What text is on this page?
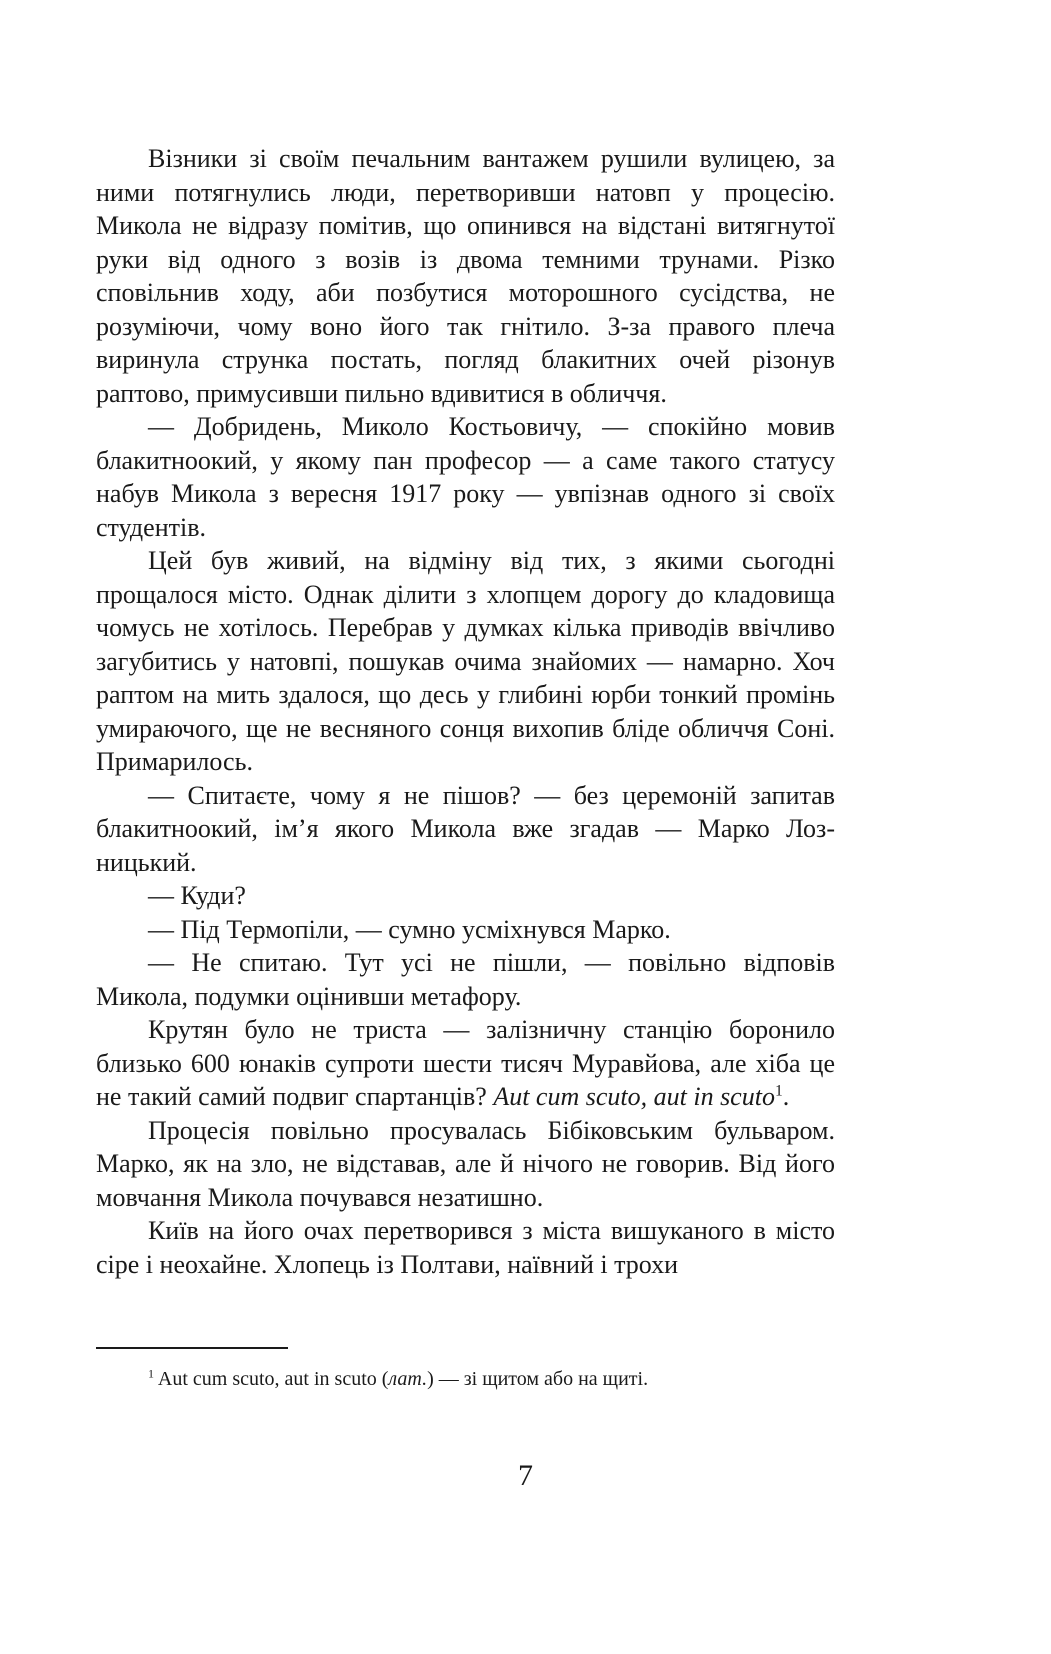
Візники зі своїм печальним вантажем рушили вулицею, за ними потягнулись люди, перетворивши натовп у процесію. Микола не відразу помітив, що опинився на відстані витягнутої руки від одного з возів із двома темними трунами. Різко сповільнив ходу, аби позбутися моторошного сусідства, не розуміючи, чому воно його так гнітило. З-за правого плеча виринула струнка постать, погляд блакитних очей різонув раптово, примусивши пильно вдивитися в обличчя.

— Добридень, Миколо Костьовичу, — спокійно мовив блакитноокий, у якому пан професор — а саме такого статусу набув Микола з вересня 1917 року — увпізнав одного зі своїх студентів.

Цей був живий, на відміну від тих, з якими сьогодні прощалося місто. Однак ділити з хлопцем дорогу до кладовища чомусь не хотілось. Перебрав у думках кілька приводів ввічливо загубитись у натовпі, пошукав очима знайомих — намарно. Хоч раптом на мить здалося, що десь у глибині юрби тонкий промінь умираючого, ще не весняного сонця вихопив бліде обличчя Соні. Примарилось.

— Спитаєте, чому я не пішов? — без церемоній запитав блакитноокий, ім’я якого Микола вже згадав — Марко Лозницький.

— Куди?

— Під Термопіли, — сумно усміхнувся Марко.

— Не спитаю. Тут усі не пішли, — повільно відповів Микола, подумки оцінивши метафору.

Крутян було не триста — залізничну станцію боронило близько 600 юнаків супроти шести тисяч Муравйова, але хіба це не такий самий подвиг спартанців? Aut cum scuto, aut in scuto$^1$.

Процесія повільно просувалась Бібіковським бульваром. Марко, як на зло, не відставав, але й нічого не говорив. Від його мовчання Микола почувався незатишно.

Київ на його очах перетворився з міста вишуканого в місто сіре і неохайне. Хлопець із Полтави, наївний і трохи

$^1$ Aut cum scuto, aut in scuto (лат.) — зі щитом або на щиті.

7
